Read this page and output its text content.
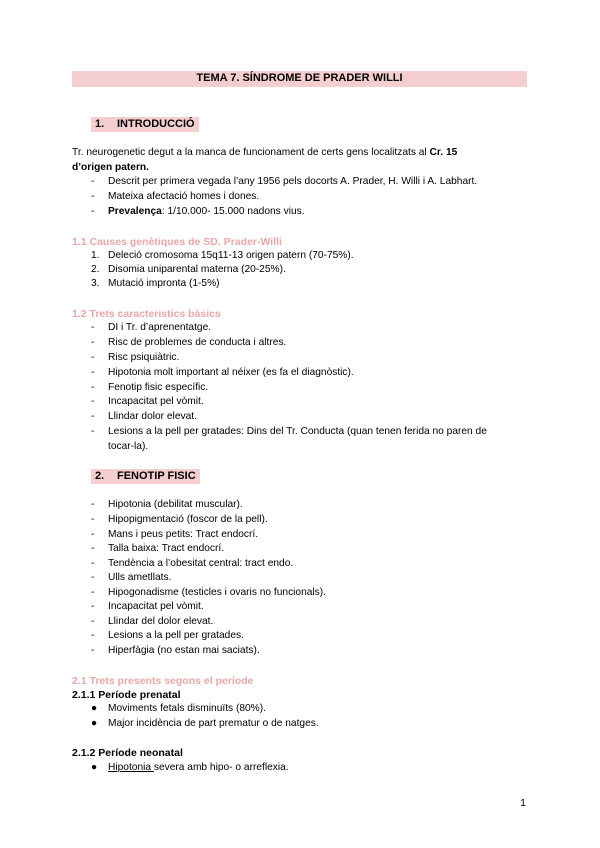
TEMA 7. SÍNDROME DE PRADER WILLI
1. INTRODUCCIÓ
Tr. neurogenetic degut a la manca de funcionament de certs gens localitzats al Cr. 15
d’origen patern.
- Descrit per primera vegada l’any 1956 pels docorts A. Prader, H. Willi i A. Labhart.
- Mateixa afectació homes i dones.
- Prevalença: 1/10.000- 15.000 nadons vius.
1.1 Causes genètiques de SD. Prader-Willi
1. Deleció cromosoma 15q11-13 origen patern (70-75%).
2. Disomia uniparental materna (20-25%).
3. Mutació impronta (1-5%)
1.2 Trets caracteristics bàsics
- DI i Tr. d’aprenentatge.
- Risc de problemes de conducta i altres.
- Risc psiquiàtric.
- Hipotonia molt important al néixer (es fa el diagnòstic).
- Fenotip fisic específic.
- Incapacitat pel vòmit.
- Llindar dolor elevat.
- Lesions a la pell per gratades: Dins del Tr. Conducta (quan tenen ferida no paren de
tocar-la).
2. FENOTIP FISIC
- Hipotonia (debilitat muscular).
- Hipopigmentació (foscor de la pell).
- Mans i peus petits: Tract endocrí.
- Talla baixa: Tract endocrí.
- Tendència a l’obesitat central: tract endo.
- Ulls ametllats.
- Hipogonadisme (testicles i ovaris no funcionals).
- Incapacitat pel vòmit.
- Llindar del dolor elevat.
- Lesions a la pell per gratades.
- Hiperfàgia (no estan mai saciats).
2.1 Trets presents segons el període
2.1.1 Període prenatal
● Moviments fetals disminuïts (80%).
● Major incidència de part prematur o de natges.
2.1.2 Període neonatal
● Hipotonia severa amb hipo- o arreflexia.
1
